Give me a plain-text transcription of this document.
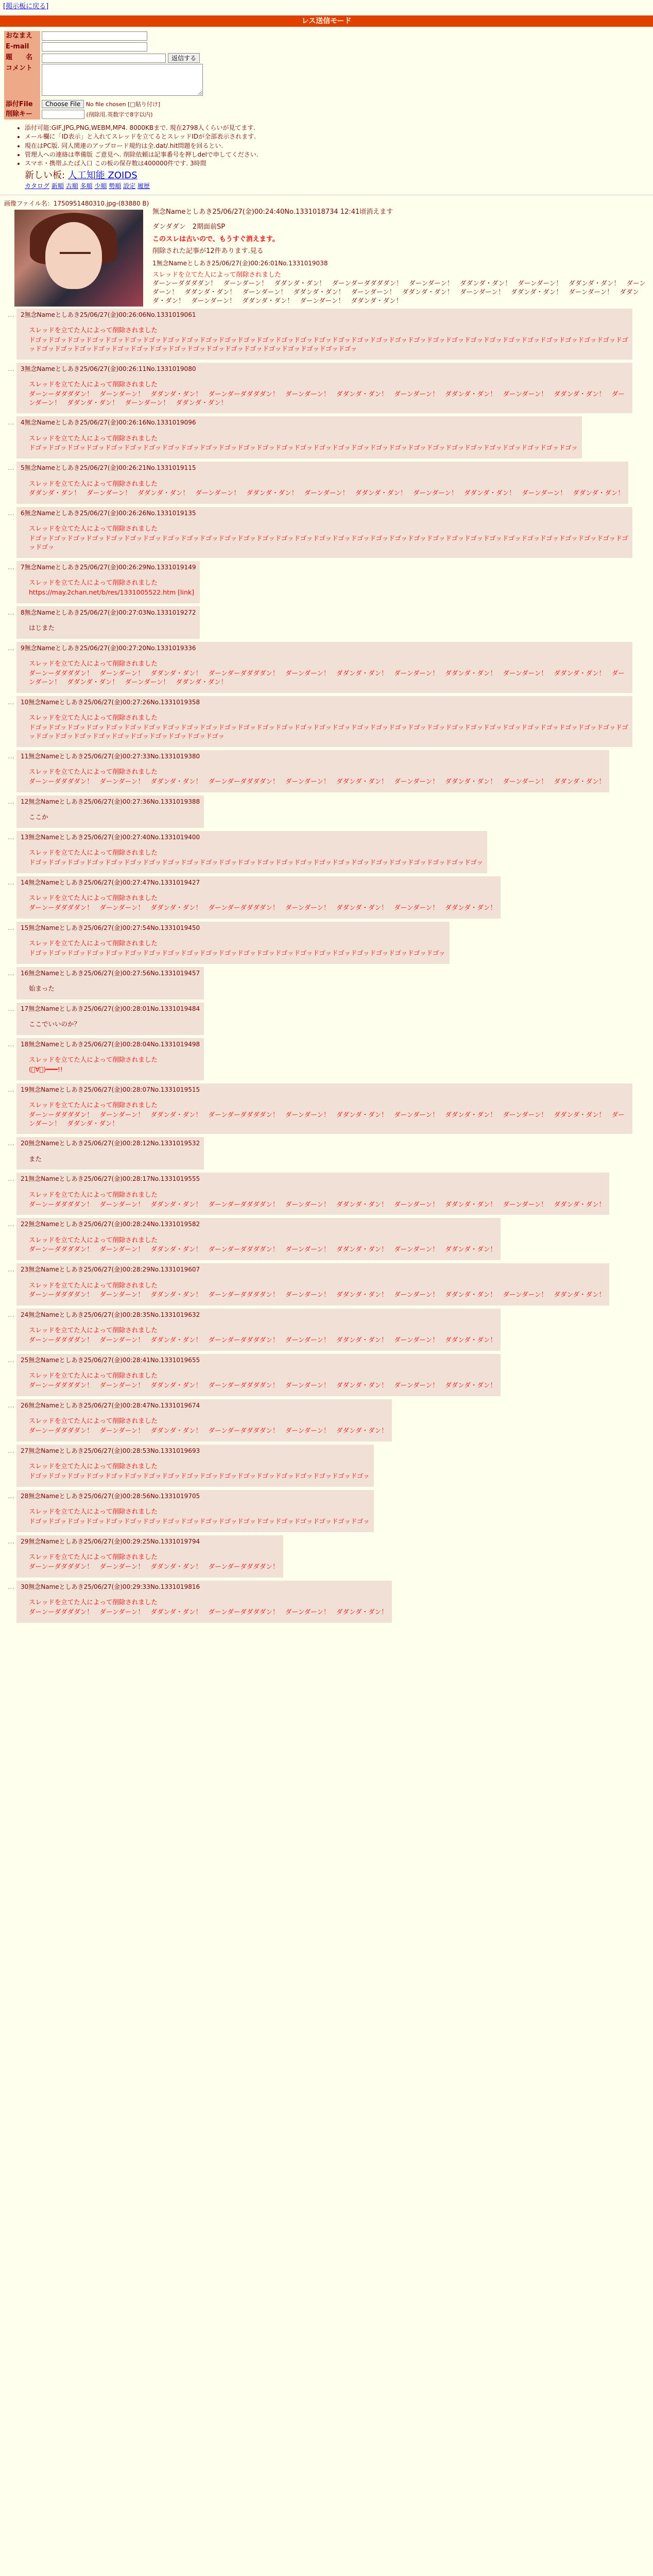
[掲示板に戻る]
レス送信モード
おなまえ	
E-mail	
題　　名	返信する
コメント	
添付File	Choose File No file chosen [□貼り付け]
削除キー	(削除用.英数字で8字以内)
• 添付可能:GIF,JPG,PNG,WEBM,MP4. 8000KBまで. 現在2798人くらいが見てます.
• メール欄に「ID表示」と入れてスレッドを立てるとスレッドIDが全部表示されます.
• 現在はPC版. 同人関連のアップロード規約は全.dat/.hit問題を回るとい.
• 管理人への連絡は準備版 ご意見へ. 削除依頼は記事番号を押しdelで申してください.
• スマホ・携帯ふたば入口 この板の保存数は400000件です. 3時間
新しい板: 人工知能 ZOIDS
カタログ 新順 古順 多順 少順 勢順 設定 履歴
画像ファイル名：1750951480310.jpg-(83880 B)
無念Nameとしあき25/06/27(金)00:24:40No.1331018734 12:41頃消えます

ダンダダン　2期面前SP

このスレは古いので、もうすぐ消えます。

削除された記事が12件あります.見る

1無念Nameとしあき25/06/27(金)00:26:01No.1331019038
スレッドを立てた人によって削除されました
ダーンーダダダダン！　ダーンダーン！　ダダンダ・ダン！　ダーンダーダダダダン！　ダーンダーン！　ダダンダ・ダン！　ダーンダーン！　ダダンダ・ダン！　ダーンダーン！　ダダンダ・ダン！　ダーンダーン！　ダダンダ・ダン！　ダーンダーン！　ダダンダ・ダン！　ダーンダーン！　ダダンダ・ダン！　ダーンダーン！　ダダンダ・ダン！　ダーンダーン！　ダダンダ・ダン！　ダーンダーン！　ダダンダ・ダン！
…	2無念Nameとしあき25/06/27(金)00:26:06No.1331019061
スレッドを立てた人によって削除されました
ドゴッドゴッドゴッドゴッドゴッドゴッドゴッドゴッドゴッドゴッドゴッドゴッドゴッドゴッドゴッドゴッドゴッドゴッドゴッドゴッドゴッドゴッドゴッドゴッドゴッドゴッドゴッドゴッドゴッドゴッドゴッドゴッドゴッドゴッドゴッドゴッドゴッドゴッドゴッドゴッドゴッドゴッドゴッドゴッドゴッドゴッドゴッドゴッドゴッ
…	3無念Nameとしあき25/06/27(金)00:26:11No.1331019080
スレッドを立てた人によって削除されました
ダーンーダダダダン！　ダーンダーン！　ダダンダ・ダン！　ダーンダーダダダダン！　ダーンダーン！　ダダンダ・ダン！　ダーンダーン！　ダダンダ・ダン！　ダーンダーン！　ダダンダ・ダン！　ダーンダーン！　ダダンダ・ダン！　ダーンダーン！　ダダンダ・ダン！
…	4無念Nameとしあき25/06/27(金)00:26:16No.1331019096
スレッドを立てた人によって削除されました
ドゴッドゴッドゴッドゴッドゴッドゴッドゴッドゴッドゴッドゴッドゴッドゴッドゴッドゴッドゴッドゴッドゴッドゴッドゴッドゴッドゴッドゴッドゴッドゴッドゴッドゴッドゴッドゴッドゴッ
…	5無念Nameとしあき25/06/27(金)00:26:21No.1331019115
スレッドを立てた人によって削除されました
ダダンダ・ダン！　ダーンダーン！　ダダンダ・ダン！　ダーンダーン！　ダダンダ・ダン！　ダーンダーン！　ダダンダ・ダン！　ダーンダーン！　ダダンダ・ダン！　ダーンダーン！　ダダンダ・ダン！
…	6無念Nameとしあき25/06/27(金)00:26:26No.1331019135
スレッドを立てた人によって削除されました
ドゴッドゴッドゴッドゴッドゴッドゴッドゴッドゴッドゴッドゴッドゴッドゴッドゴッドゴッドゴッドゴッドゴッドゴッドゴッドゴッドゴッドゴッドゴッドゴッドゴッドゴッドゴッドゴッドゴッドゴッドゴッドゴッドゴッ
…	7無念Nameとしあき25/06/27(金)00:26:29No.1331019149
スレッドを立てた人によって削除されました
https://may.2chan.net/b/res/1331005522.htm [link]
…	8無念Nameとしあき25/06/27(金)00:27:03No.1331019272
はじまた
…	9無念Nameとしあき25/06/27(金)00:27:20No.1331019336
スレッドを立てた人によって削除されました
ダーンーダダダダン！　ダーンダーン！　ダダンダ・ダン！　ダーンダーダダダダン！　ダーンダーン！　ダダンダ・ダン！　ダーンダーン！　ダダンダ・ダン！　ダーンダーン！　ダダンダ・ダン！　ダーンダーン！　ダダンダ・ダン！　ダーンダーン！　ダダンダ・ダン！
…	10無念Nameとしあき25/06/27(金)00:27:26No.1331019358
スレッドを立てた人によって削除されました
ドゴッドゴッドゴッドゴッドゴッドゴッドゴッドゴッドゴッドゴッドゴッドゴッドゴッドゴッドゴッドゴッドゴッドゴッドゴッドゴッドゴッドゴッドゴッドゴッドゴッドゴッドゴッドゴッドゴッドゴッドゴッドゴッドゴッドゴッドゴッドゴッドゴッドゴッドゴッドゴッドゴッドゴッ
…	11無念Nameとしあき25/06/27(金)00:27:33No.1331019380
スレッドを立てた人によって削除されました
ダーンーダダダダン！　ダーンダーン！　ダダンダ・ダン！　ダーンダーダダダダン！　ダーンダーン！　ダダンダ・ダン！　ダーンダーン！　ダダンダ・ダン！　ダーンダーン！　ダダンダ・ダン！
…	12無念Nameとしあき25/06/27(金)00:27:36No.1331019388
ここか
…	13無念Nameとしあき25/06/27(金)00:27:40No.1331019400
スレッドを立てた人によって削除されました
ドゴッドゴッドゴッドゴッドゴッドゴッドゴッドゴッドゴッドゴッドゴッドゴッドゴッドゴッドゴッドゴッドゴッドゴッドゴッドゴッドゴッドゴッドゴッドゴッ
…	14無念Nameとしあき25/06/27(金)00:27:47No.1331019427
スレッドを立てた人によって削除されました
ダーンーダダダダン！　ダーンダーン！　ダダンダ・ダン！　ダーンダーダダダダン！　ダーンダーン！　ダダンダ・ダン！　ダーンダーン！　ダダンダ・ダン！
…	15無念Nameとしあき25/06/27(金)00:27:54No.1331019450
スレッドを立てた人によって削除されました
ドゴッドゴッドゴッドゴッドゴッドゴッドゴッドゴッドゴッドゴッドゴッドゴッドゴッドゴッドゴッドゴッドゴッドゴッドゴッドゴッドゴッドゴッ
…	16無念Nameとしあき25/06/27(金)00:27:56No.1331019457
始まった
…	17無念Nameとしあき25/06/27(金)00:28:01No.1331019484
ここでいいのか？
…	18無念Nameとしあき25/06/27(金)00:28:04No.1331019498
スレッドを立てた人によって削除されました
(ﾟ∀ﾟ)━━━!!
…	19無念Nameとしあき25/06/27(金)00:28:07No.1331019515
スレッドを立てた人によって削除されました
ダーンーダダダダン！　ダーンダーン！　ダダンダ・ダン！　ダーンダーダダダダン！　ダーンダーン！　ダダンダ・ダン！　ダーンダーン！　ダダンダ・ダン！　ダーンダーン！　ダダンダ・ダン！　ダーンダーン！　ダダンダ・ダン！
…	20無念Nameとしあき25/06/27(金)00:28:12No.1331019532
また
…	21無念Nameとしあき25/06/27(金)00:28:17No.1331019555
スレッドを立てた人によって削除されました
ダーンーダダダダン！　ダーンダーン！　ダダンダ・ダン！　ダーンダーダダダダン！　ダーンダーン！　ダダンダ・ダン！　ダーンダーン！　ダダンダ・ダン！　ダーンダーン！　ダダンダ・ダン！
…	22無念Nameとしあき25/06/27(金)00:28:24No.1331019582
スレッドを立てた人によって削除されました
ダーンーダダダダン！　ダーンダーン！　ダダンダ・ダン！　ダーンダーダダダダン！　ダーンダーン！　ダダンダ・ダン！　ダーンダーン！　ダダンダ・ダン！
…	23無念Nameとしあき25/06/27(金)00:28:29No.1331019607
スレッドを立てた人によって削除されました
ダーンーダダダダン！　ダーンダーン！　ダダンダ・ダン！　ダーンダーダダダダン！　ダーンダーン！　ダダンダ・ダン！　ダーンダーン！　ダダンダ・ダン！　ダーンダーン！　ダダンダ・ダン！
…	24無念Nameとしあき25/06/27(金)00:28:35No.1331019632
スレッドを立てた人によって削除されました
ダーンーダダダダン！　ダーンダーン！　ダダンダ・ダン！　ダーンダーダダダダン！　ダーンダーン！　ダダンダ・ダン！　ダーンダーン！　ダダンダ・ダン！
…	25無念Nameとしあき25/06/27(金)00:28:41No.1331019655
スレッドを立てた人によって削除されました
ダーンーダダダダン！　ダーンダーン！　ダダンダ・ダン！　ダーンダーダダダダン！　ダーンダーン！　ダダンダ・ダン！　ダーンダーン！　ダダンダ・ダン！
…	26無念Nameとしあき25/06/27(金)00:28:47No.1331019674
スレッドを立てた人によって削除されました
ダーンーダダダダン！　ダーンダーン！　ダダンダ・ダン！　ダーンダーダダダダン！　ダーンダーン！　ダダンダ・ダン！
…	27無念Nameとしあき25/06/27(金)00:28:53No.1331019693
スレッドを立てた人によって削除されました
ドゴッドゴッドゴッドゴッドゴッドゴッドゴッドゴッドゴッドゴッドゴッドゴッドゴッドゴッドゴッドゴッドゴッドゴッ
…	28無念Nameとしあき25/06/27(金)00:28:56No.1331019705
スレッドを立てた人によって削除されました
ドゴッドゴッドゴッドゴッドゴッドゴッドゴッドゴッドゴッドゴッドゴッドゴッドゴッドゴッドゴッドゴッドゴッドゴッ
…	29無念Nameとしあき25/06/27(金)00:29:25No.1331019794
スレッドを立てた人によって削除されました
ダーンーダダダダン！　ダーンダーン！　ダダンダ・ダン！　ダーンダーダダダダン！
…	30無念Nameとしあき25/06/27(金)00:29:33No.1331019816
スレッドを立てた人によって削除されました
ダーンーダダダダン！　ダーンダーン！　ダダンダ・ダン！　ダーンダーダダダダン！　ダーンダーン！　ダダンダ・ダン！
